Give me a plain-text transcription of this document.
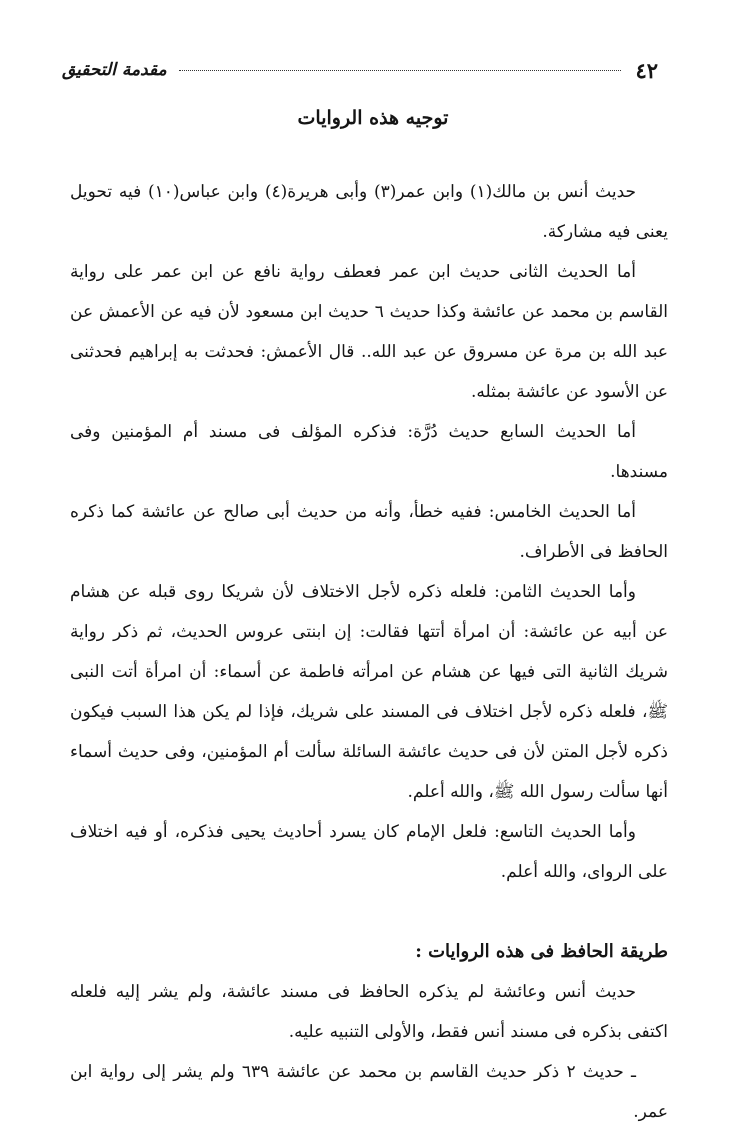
٤٢
مقدمة التحقيق
توجيه هذه الروايات

حديث أنس بن مالك(١) وابن عمر(٣) وأبى هريرة(٤) وابن عباس(١٠) فيه تحويل يعنى فيه مشاركة.

أما الحديث الثانى حديث ابن عمر فعطف رواية نافع عن ابن عمر على رواية القاسم بن محمد عن عائشة وكذا حديث ٦ حديث ابن مسعود لأن فيه عن الأعمش عن عبد الله بن مرة عن مسروق عن عبد الله.. قال الأعمش: فحدثت به إبراهيم فحدثنى عن الأسود عن عائشة بمثله.

أما الحديث السابع حديث دُرَّة: فذكره المؤلف فى مسند أم المؤمنين وفى مسندها.

أما الحديث الخامس: ففيه خطأ، وأنه من حديث أبى صالح عن عائشة كما ذكره الحافظ فى الأطراف.

وأما الحديث الثامن: فلعله ذكره لأجل الاختلاف لأن شريكا روى قبله عن هشام عن أبيه عن عائشة: أن امرأة أتتها فقالت: إن ابنتى عروس الحديث، ثم ذكر رواية شريك الثانية التى فيها عن هشام عن امرأته فاطمة عن أسماء: أن امرأة أتت النبى ﷺ، فلعله ذكره لأجل اختلاف فى المسند على شريك، فإذا لم يكن هذا السبب فيكون ذكره لأجل المتن لأن فى حديث عائشة السائلة سألت أم المؤمنين، وفى حديث أسماء أنها سألت رسول الله ﷺ، والله أعلم.

وأما الحديث التاسع: فلعل الإمام كان يسرد أحاديث يحيى فذكره، أو فيه اختلاف على الرواى، والله أعلم.

طريقة الحافظ فى هذه الروايات :

حديث أنس وعائشة لم يذكره الحافظ فى مسند عائشة، ولم يشر إليه فلعله اكتفى بذكره فى مسند أنس فقط، والأولى التنبيه عليه.

ـ حديث ٢ ذكر حديث القاسم بن محمد عن عائشة ٦٣٩ ولم يشر إلى رواية ابن عمر.
